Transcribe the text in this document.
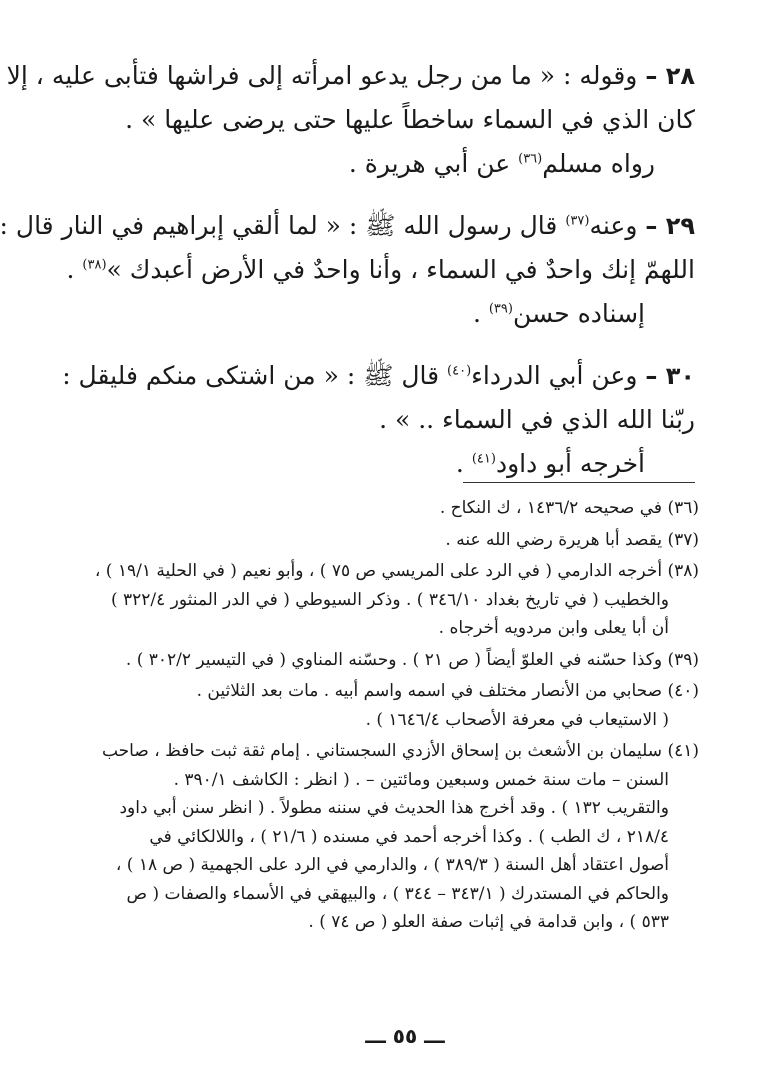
٢٨ – وقوله : « ما من رجل يدعو امرأته إلى فراشها فتأبى عليه ، إلا
كان الذي في السماء ساخطاً عليها حتى يرضى عليها » .
رواه مسلم$^{(٣٦)}$ عن أبي هريرة .
٢٩ – وعنه$^{(٣٧)}$ قال رسول الله ﷺ : « لما ألقي إبراهيم في النار قال :
اللهمّ إنك واحدٌ في السماء ، وأنا واحدٌ في الأرض أعبدك »$^{(٣٨)}$ .
إسناده حسن$^{(٣٩)}$ .
٣٠ – وعن أبي الدرداء$^{(٤٠)}$ قال ﷺ : « من اشتكى منكم فليقل :
ربّنا الله الذي في السماء .. » .
أخرجه أبو داود$^{(٤١)}$ .
(٣٦) في صحيحه ١٤٣٦/٢ ، ك النكاح .
(٣٧) يقصد أبا هريرة رضي الله عنه .
(٣٨) أخرجه الدارمي ( في الرد على المريسي ص ٧٥ ) ، وأبو نعيم ( في الحلية ١٩/١ ) ،
والخطيب ( في تاريخ بغداد ٣٤٦/١٠ ) . وذكر السيوطي ( في الدر المنثور ٣٢٢/٤ )
أن أبا يعلى وابن مردويه أخرجاه .
(٣٩) وكذا حسّنه في العلوّ أيضاً ( ص ٢١ ) . وحسّنه المناوي ( في التيسير ٣٠٢/٢ ) .
(٤٠) صحابي من الأنصار مختلف في اسمه واسم أبيه . مات بعد الثلاثين .
( الاستيعاب في معرفة الأصحاب ١٦٤٦/٤ ) .
(٤١) سليمان بن الأشعث بن إسحاق الأزدي السجستاني . إمام ثقة ثبت حافظ ، صاحب
السنن – مات سنة خمس وسبعين ومائتين – . ( انظر : الكاشف ٣٩٠/١ .
والتقريب ١٣٢ ) . وقد أخرج هذا الحديث في سننه مطولاً . ( انظر سنن أبي داود
٢١٨/٤ ، ك الطب ) . وكذا أخرجه أحمد في مسنده ( ٢١/٦ ) ، واللالكائي في
أصول اعتقاد أهل السنة ( ٣٨٩/٣ ) ، والدارمي في الرد على الجهمية ( ص ١٨ ) ،
والحاكم في المستدرك ( ٣٤٣/١ – ٣٤٤ ) ، والبيهقي في الأسماء والصفات ( ص
٥٣٣ ) ، وابن قدامة في إثبات صفة العلو ( ص ٧٤ ) .
ـــ ٥٥ ـــ
